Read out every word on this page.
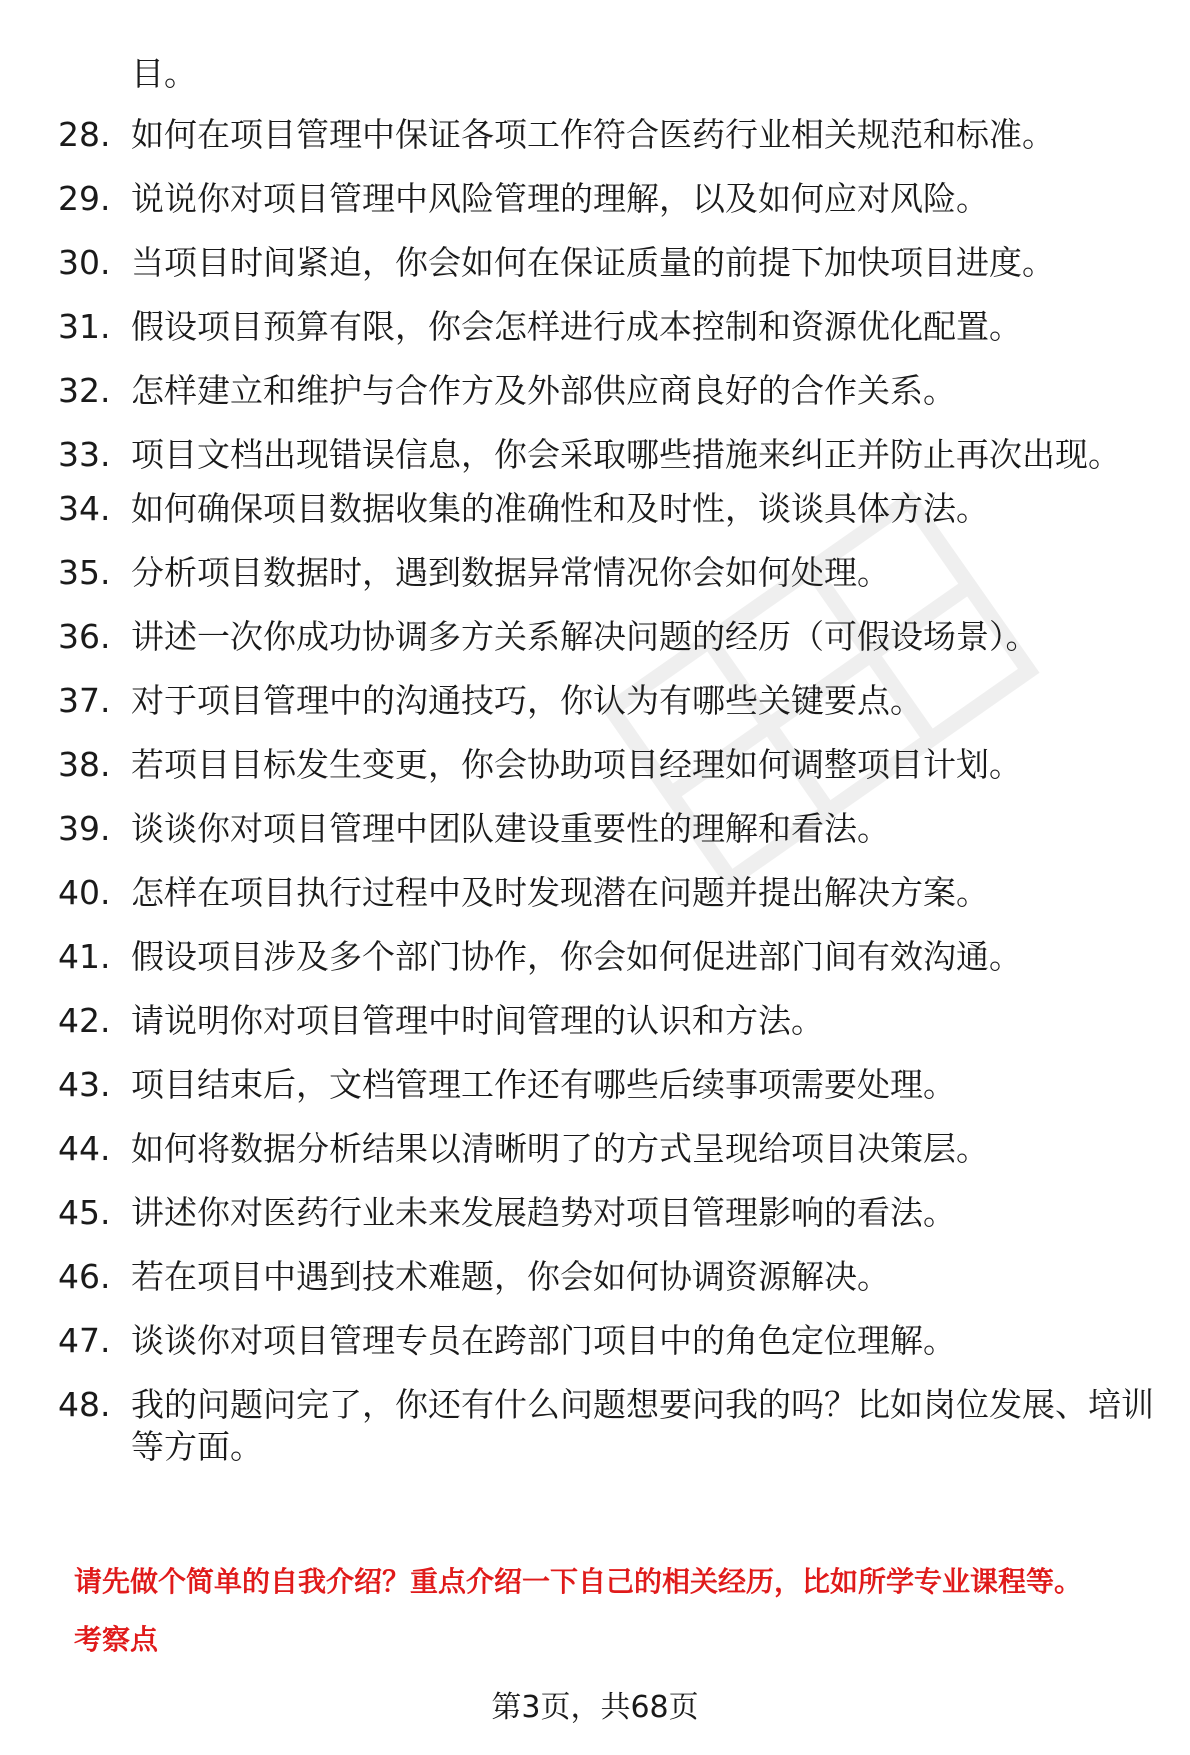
目。
28. 如何在项目管理中保证各项工作符合医药行业相关规范和标准。
29. 说说你对项目管理中风险管理的理解，以及如何应对风险。
30. 当项目时间紧迫，你会如何在保证质量的前提下加快项目进度。
31. 假设项目预算有限，你会怎样进行成本控制和资源优化配置。
32. 怎样建立和维护与合作方及外部供应商良好的合作关系。
33. 项目文档出现错误信息，你会采取哪些措施来纠正并防止再次出现。
34. 如何确保项目数据收集的准确性和及时性，谈谈具体方法。
35. 分析项目数据时，遇到数据异常情况你会如何处理。
36. 讲述一次你成功协调多方关系解决问题的经历（可假设场景）。
37. 对于项目管理中的沟通技巧，你认为有哪些关键要点。
38. 若项目目标发生变更，你会协助项目经理如何调整项目计划。
39. 谈谈你对项目管理中团队建设重要性的理解和看法。
40. 怎样在项目执行过程中及时发现潜在问题并提出解决方案。
41. 假设项目涉及多个部门协作，你会如何促进部门间有效沟通。
42. 请说明你对项目管理中时间管理的认识和方法。
43. 项目结束后，文档管理工作还有哪些后续事项需要处理。
44. 如何将数据分析结果以清晰明了的方式呈现给项目决策层。
45. 讲述你对医药行业未来发展趋势对项目管理影响的看法。
46. 若在项目中遇到技术难题，你会如何协调资源解决。
47. 谈谈你对项目管理专员在跨部门项目中的角色定位理解。
48. 我的问题问完了，你还有什么问题想要问我的吗？比如岗位发展、培训等方面。
请先做个简单的自我介绍？重点介绍一下自己的相关经历，比如所学专业课程等。
考察点
第3页，共68页
